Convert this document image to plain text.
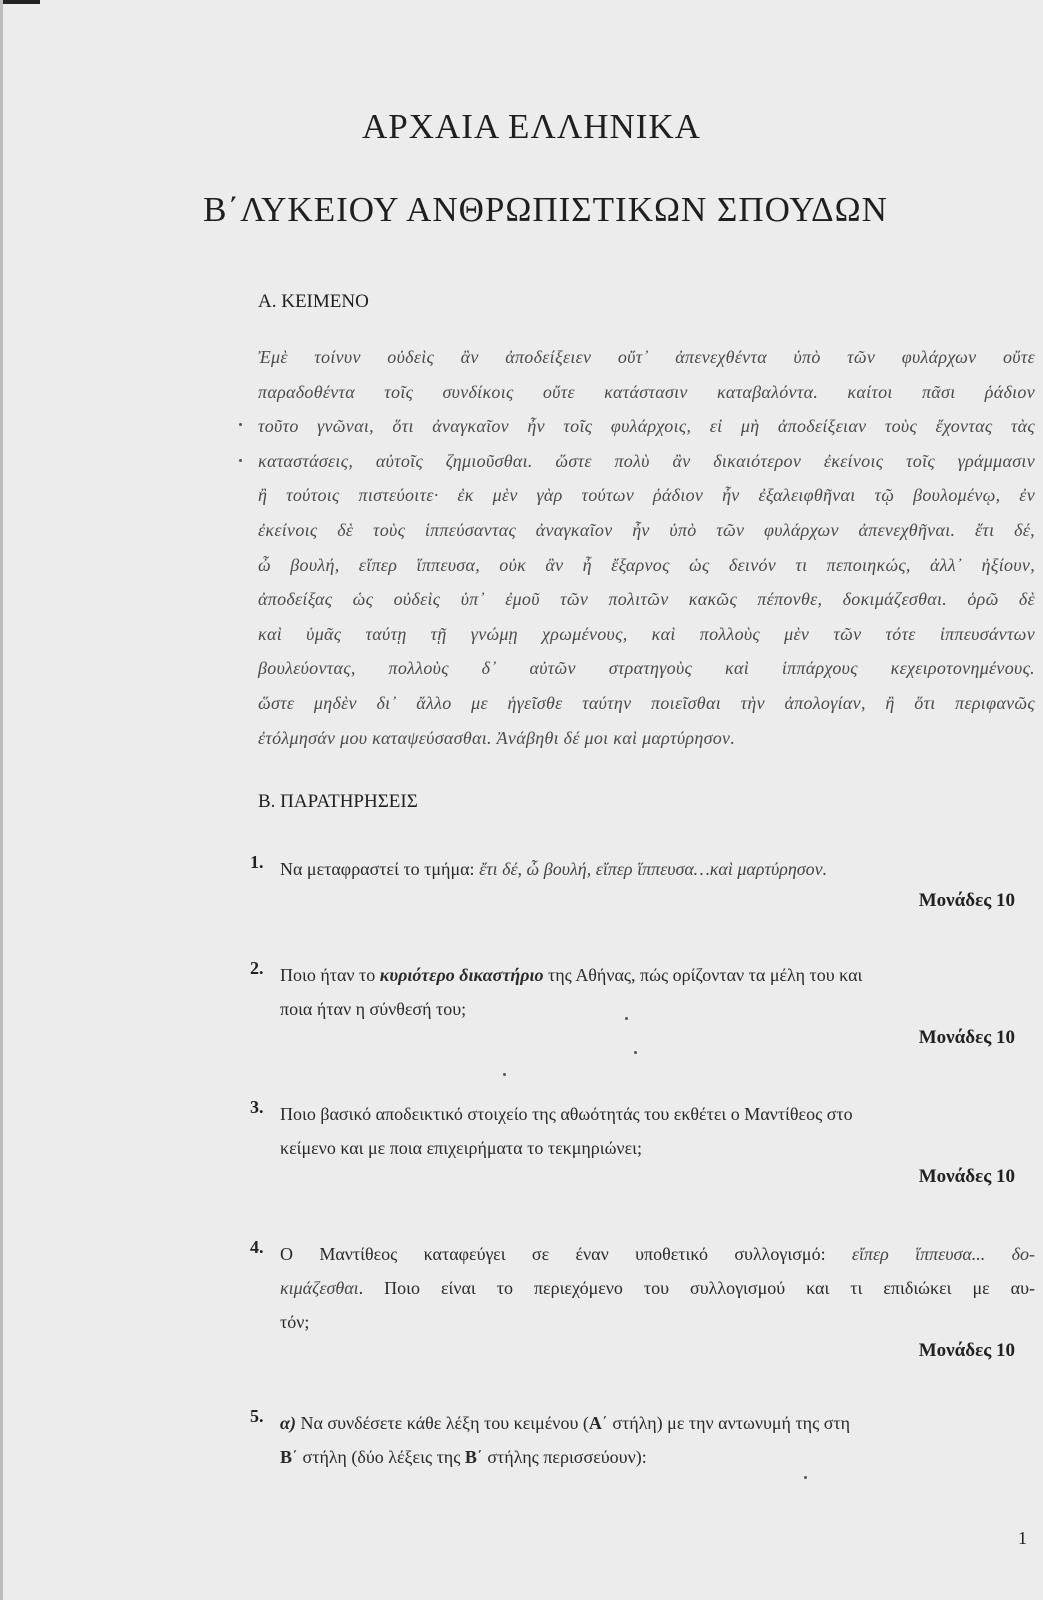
ΑΡΧΑΙΑ ΕΛΛΗΝΙΚΑ
Β΄ΛΥΚΕΙΟΥ ΑΝΘΡΩΠΙΣΤΙΚΩΝ ΣΠΟΥΔΩΝ
Α. ΚΕΙΜΕΝΟ
Ἐμὲ τοίνυν οὐδεὶς ἂν ἀποδείξειεν οὔτ᾽ ἀπενεχθέντα ὑπὸ τῶν φυλάρχων οὔτε
παραδοθέντα τοῖς συνδίκοις οὔτε κατάστασιν καταβαλόντα. καίτοι πᾶσι ῥάδιον
τοῦτο γνῶναι, ὅτι ἀναγκαῖον ἦν τοῖς φυλάρχοις, εἰ μὴ ἀποδείξειαν τοὺς ἔχοντας τὰς
καταστάσεις, αὐτοῖς ζημιοῦσθαι. ὥστε πολὺ ἂν δικαιότερον ἐκείνοις τοῖς γράμμασιν
ἢ τούτοις πιστεύοιτε· ἐκ μὲν γὰρ τούτων ῥάδιον ἦν ἐξαλειφθῆναι τῷ βουλομένῳ, ἐν
ἐκείνοις δὲ τοὺς ἱππεύσαντας ἀναγκαῖον ἦν ὑπὸ τῶν φυλάρχων ἀπενεχθῆναι. ἔτι δέ,
ὦ βουλή, εἴπερ ἵππευσα, οὐκ ἂν ἦ ἔξαρνος ὡς δεινόν τι πεποιηκώς, ἀλλ᾽ ἠξίουν,
ἀποδείξας ὡς οὐδεὶς ὑπ᾽ ἐμοῦ τῶν πολιτῶν κακῶς πέπονθε, δοκιμάζεσθαι. ὁρῶ δὲ
καὶ ὑμᾶς ταύτῃ τῇ γνώμῃ χρωμένους, καὶ πολλοὺς μὲν τῶν τότε ἱππευσάντων
βουλεύοντας, πολλοὺς δ᾽ αὐτῶν στρατηγοὺς καὶ ἱππάρχους κεχειροτονημένους.
ὥστε μηδὲν δι᾽ ἄλλο με ἡγεῖσθε ταύτην ποιεῖσθαι τὴν ἀπολογίαν, ἢ ὅτι περιφανῶς
ἐτόλμησάν μου καταψεύσασθαι. Ἀνάβηθι δέ μοι καὶ μαρτύρησον.
Β. ΠΑΡΑΤΗΡΗΣΕΙΣ
1. Να μεταφραστεί το τμήμα: ἔτι δέ, ὦ βουλή, εἴπερ ἵππευσα…καὶ μαρτύρησον.
Μονάδες 10
2. Ποιο ήταν το κυριότερο δικαστήριο της Αθήνας, πώς ορίζονταν τα μέλη του και
ποια ήταν η σύνθεσή του;
Μονάδες 10
3. Ποιο βασικό αποδεικτικό στοιχείο της αθωότητάς του εκθέτει ο Μαντίθεος στο
κείμενο και με ποια επιχειρήματα το τεκμηριώνει;
Μονάδες 10
4. Ο Μαντίθεος καταφεύγει σε έναν υποθετικό συλλογισμό: εἴπερ ἵππευσα... δο-
κιμάζεσθαι. Ποιο είναι το περιεχόμενο του συλλογισμού και τι επιδιώκει με αυ-
τόν;
Μονάδες 10
5. α) Να συνδέσετε κάθε λέξη του κειμένου (Α΄ στήλη) με την αντωνυμή της στη
Β΄ στήλη (δύο λέξεις της Β΄ στήλης περισσεύουν):
1
